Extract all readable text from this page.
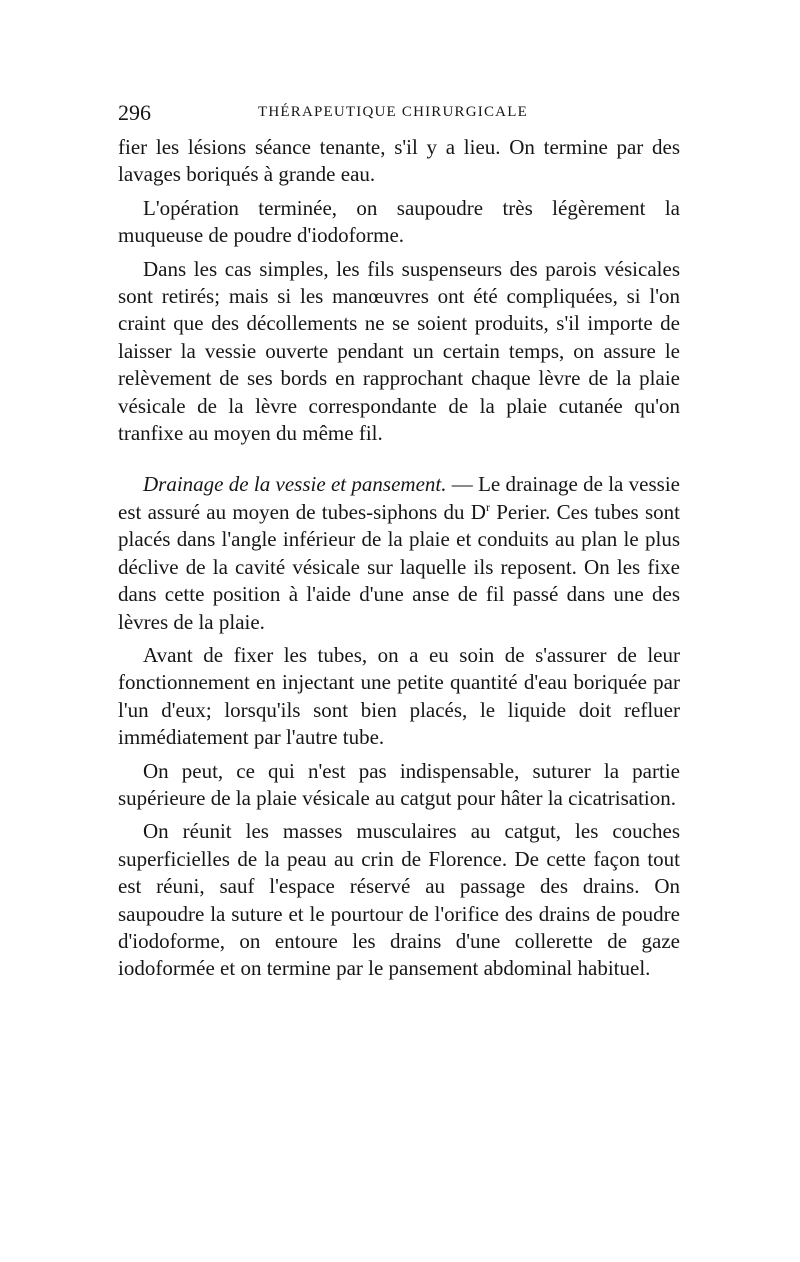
296	THÉRAPEUTIQUE CHIRURGICALE

fier les lésions séance tenante, s'il y a lieu. On termine par des lavages boriqués à grande eau.

L'opération terminée, on saupoudre très légèrement la muqueuse de poudre d'iodoforme.

Dans les cas simples, les fils suspenseurs des parois vésicales sont retirés; mais si les manœuvres ont été compliquées, si l'on craint que des décollements ne se soient produits, s'il importe de laisser la vessie ouverte pendant un certain temps, on assure le relèvement de ses bords en rapprochant chaque lèvre de la plaie vésicale de la lèvre correspondante de la plaie cutanée qu'on tranfixe au moyen du même fil.

Drainage de la vessie et pansement. — Le drainage de la vessie est assuré au moyen de tubes-siphons du $D^r$ Perier. Ces tubes sont placés dans l'angle inférieur de la plaie et conduits au plan le plus déclive de la cavité vésicale sur laquelle ils reposent. On les fixe dans cette position à l'aide d'une anse de fil passé dans une des lèvres de la plaie.

Avant de fixer les tubes, on a eu soin de s'assurer de leur fonctionnement en injectant une petite quantité d'eau boriquée par l'un d'eux; lorsqu'ils sont bien placés, le liquide doit refluer immédiatement par l'autre tube.

On peut, ce qui n'est pas indispensable, suturer la partie supérieure de la plaie vésicale au catgut pour hâter la cicatrisation.

On réunit les masses musculaires au catgut, les couches superficielles de la peau au crin de Florence. De cette façon tout est réuni, sauf l'espace réservé au passage des drains. On saupoudre la suture et le pourtour de l'orifice des drains de poudre d'iodoforme, on entoure les drains d'une collerette de gaze iodoformée et on termine par le pansement abdominal habituel.
